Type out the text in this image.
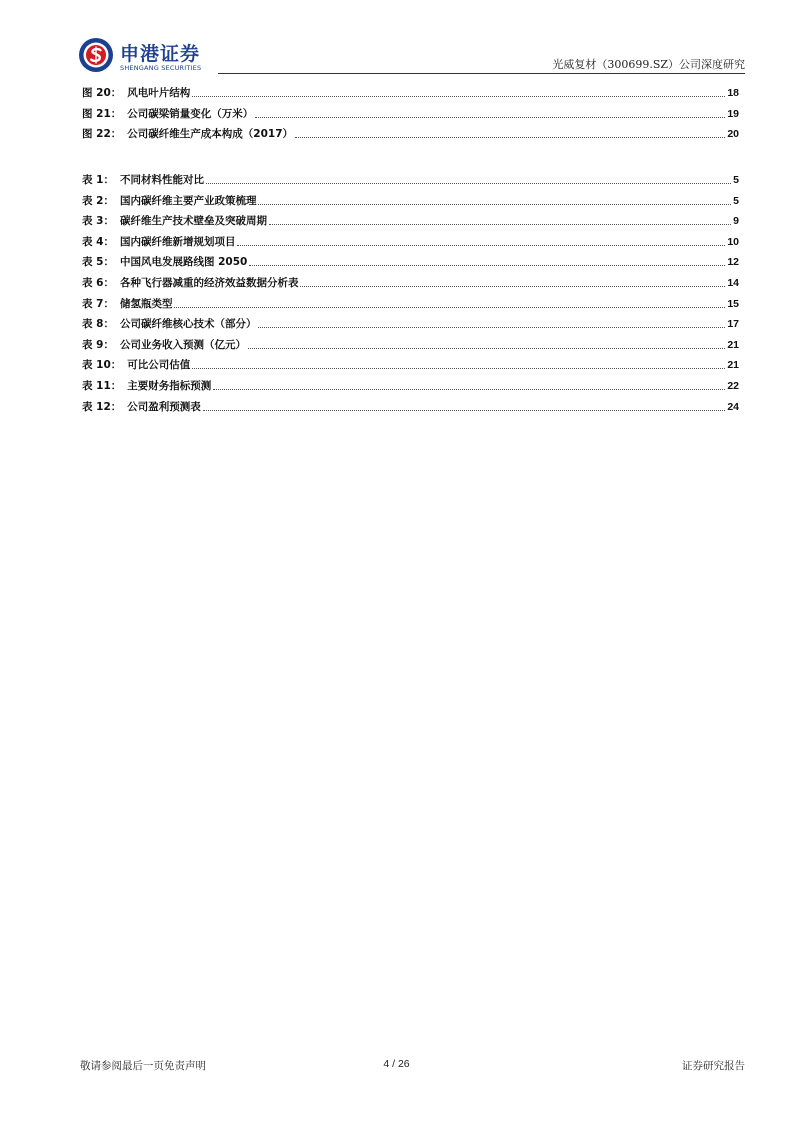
申港证券
SHENGANG SECURITIES	光威复材（300699.SZ）公司深度研究
图 20： 风电叶片结构	18
图 21： 公司碳梁销量变化（万米）	19
图 22： 公司碳纤维生产成本构成（2017）	20
表 1： 不同材料性能对比	5
表 2： 国内碳纤维主要产业政策梳理	5
表 3： 碳纤维生产技术壁垒及突破周期	9
表 4： 国内碳纤维新增规划项目	10
表 5： 中国风电发展路线图 2050	12
表 6： 各种飞行器减重的经济效益数据分析表	14
表 7： 储氢瓶类型	15
表 8： 公司碳纤维核心技术（部分）	17
表 9： 公司业务收入预测（亿元）	21
表 10： 可比公司估值	21
表 11： 主要财务指标预测	22
表 12： 公司盈利预测表	24
敬请参阅最后一页免责声明	4 / 26	证券研究报告
